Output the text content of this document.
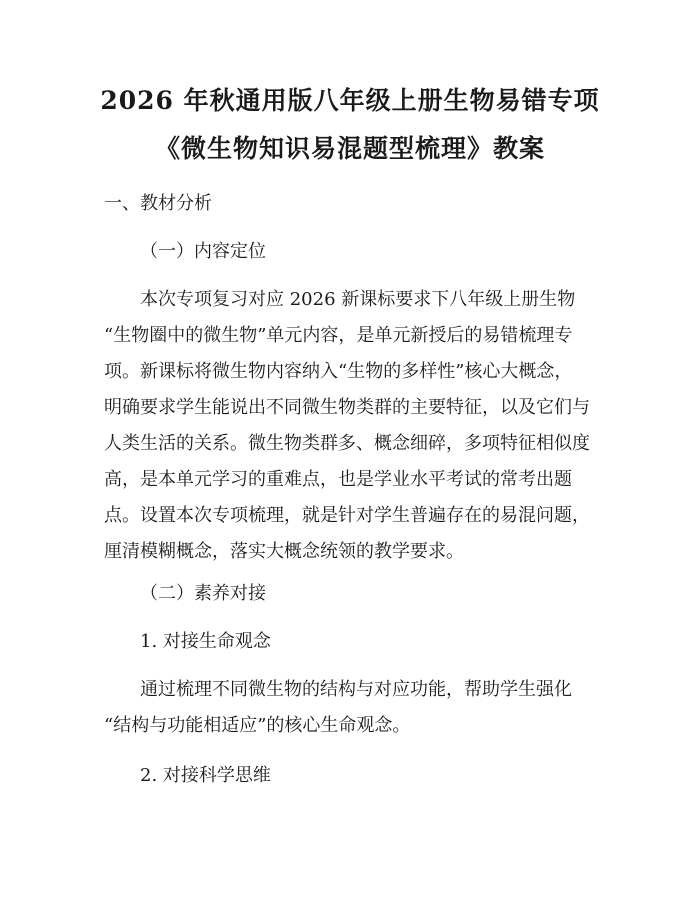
2026 年秋通用版八年级上册生物易错专项
《微生物知识易混题型梳理》教案

一、教材分析

（一）内容定位

本次专项复习对应 2026 新课标要求下八年级上册生物
“生物圈中的微生物”单元内容，是单元新授后的易错梳理专
项。新课标将微生物内容纳入“生物的多样性”核心大概念，
明确要求学生能说出不同微生物类群的主要特征，以及它们与
人类生活的关系。微生物类群多、概念细碎，多项特征相似度
高，是本单元学习的重难点，也是学业水平考试的常考出题
点。设置本次专项梳理，就是针对学生普遍存在的易混问题，
厘清模糊概念，落实大概念统领的教学要求。

（二）素养对接

1. 对接生命观念

通过梳理不同微生物的结构与对应功能，帮助学生强化
“结构与功能相适应”的核心生命观念。

2. 对接科学思维
